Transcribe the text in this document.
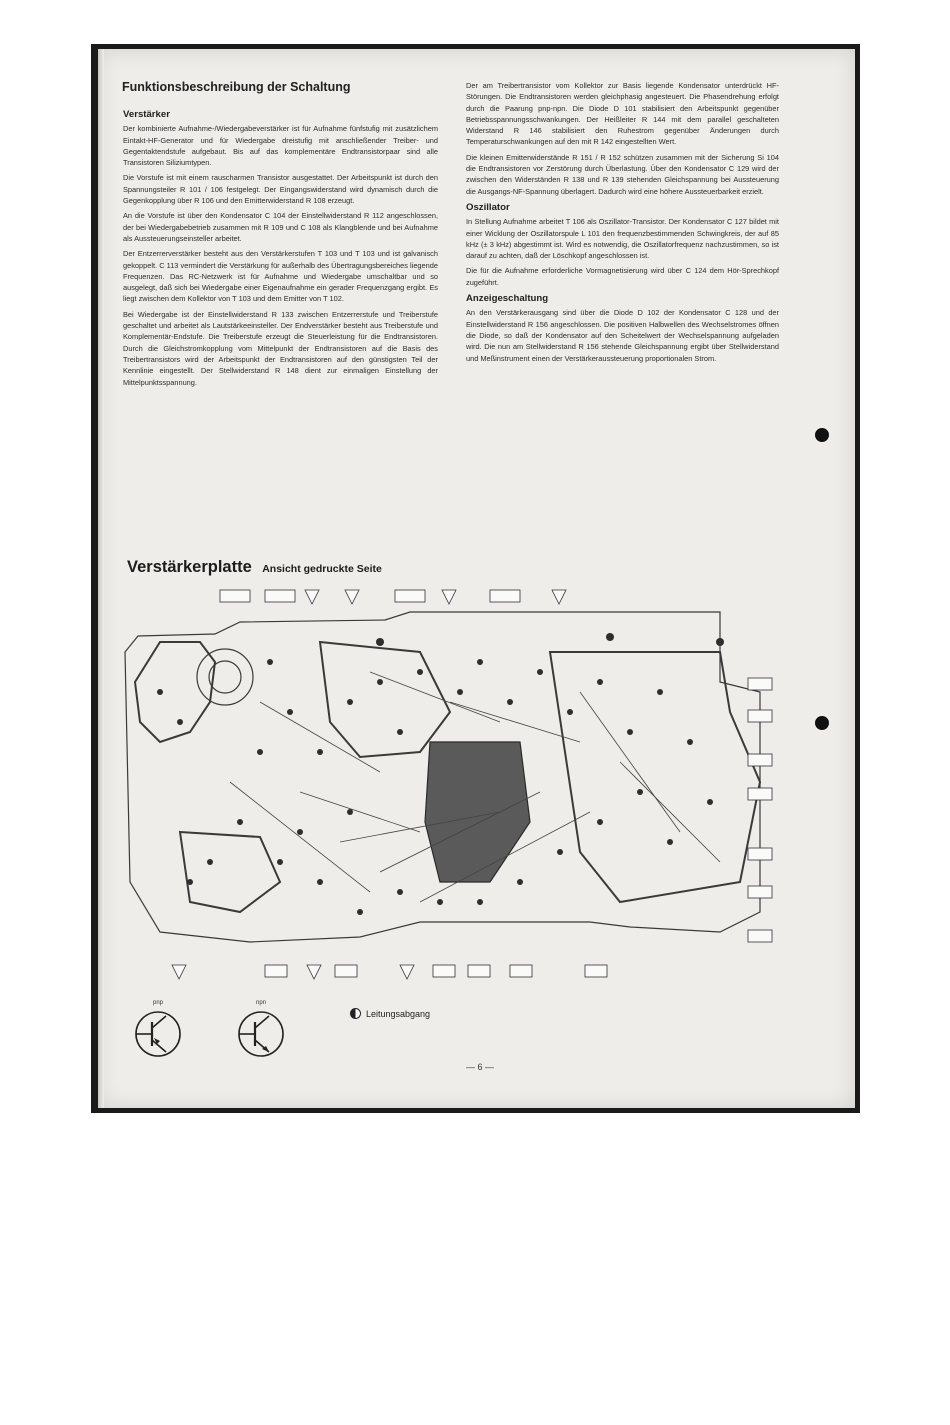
Funktionsbeschreibung der Schaltung
Verstärker

Der kombinierte Aufnahme-/Wiedergabeverstärker ist für Aufnahme fünfstufig mit zusätzlichem Eintakt-HF-Generator und für Wiedergabe dreistufig mit anschließender Treiber- und Gegentaktendstufe aufgebaut. Bis auf das komplementäre Endtransistorpaar sind alle Transistoren Siliziumtypen.

Die Vorstufe ist mit einem rauscharmen Transistor ausgestattet. Der Arbeitspunkt ist durch den Spannungsteiler R 101 / 106 festgelegt. Der Eingangswiderstand wird dynamisch durch die Gegenkopplung über R 106 und den Emitterwiderstand R 108 erzeugt.

An die Vorstufe ist über den Kondensator C 104 der Einstellwiderstand R 112 angeschlossen, der bei Wiedergabebetrieb zusammen mit R 109 und C 108 als Klangblende und bei Aufnahme als Aussteuerungseinsteller arbeitet.

Der Entzerrerverstärker besteht aus den Verstärkerstufen T 103 und T 103 und ist galvanisch gekoppelt. C 113 vermindert die Verstärkung für außerhalb des Übertragungsbereiches liegende Frequenzen. Das RC-Netzwerk ist für Aufnahme und Wiedergabe umschaltbar und so ausgelegt, daß sich bei Wiedergabe einer Eigenaufnahme ein gerader Frequenzgang ergibt. Es liegt zwischen dem Kollektor von T 103 und dem Emitter von T 102.

Bei Wiedergabe ist der Einstellwiderstand R 133 zwischen Entzerrerstufe und Treiberstufe geschaltet und arbeitet als Lautstärkeeinsteller. Der Endverstärker besteht aus Treiberstufe und Komplementär-Endstufe. Die Treiberstufe erzeugt die Steuerleistung für die Endtransistoren. Durch die Gleichstromkopplung vom Mittelpunkt der Endtransistoren auf die Basis des Treibertransistors wird der Arbeitspunkt der Endtransistoren auf den günstigsten Teil der Kennlinie eingestellt. Der Stellwiderstand R 148 dient zur einmaligen Einstellung der Mittelpunktsspannung.

Der am Treibertransistor vom Kollektor zur Basis liegende Kondensator unterdrückt HF-Störungen. Die Endtransistoren werden gleichphasig angesteuert. Die Phasendrehung erfolgt durch die Paarung pnp-npn. Die Diode D 101 stabilisiert den Arbeitspunkt gegenüber Betriebsspannungsschwankungen. Der Heißleiter R 144 mit dem parallel geschalteten Widerstand R 146 stabilisiert den Ruhestrom gegenüber Änderungen durch Temperaturschwankungen auf den mit R 142 eingestellten Wert.

Die kleinen Emitterwiderstände R 151 / R 152 schützen zusammen mit der Sicherung Si 104 die Endtransistoren vor Zerstörung durch Überlastung. Über den Kondensator C 129 wird der zwischen den Widerständen R 138 und R 139 stehenden Gleichspannung bei Aussteuerung die Ausgangs-NF-Spannung überlagert. Dadurch wird eine höhere Aussteuerbarkeit erzielt.

Oszillator

In Stellung Aufnahme arbeitet T 106 als Oszillator-Transistor. Der Kondensator C 127 bildet mit einer Wicklung der Oszillatorspule L 101 den frequenzbestimmenden Schwingkreis, der auf 85 kHz (± 3 kHz) abgestimmt ist. Wird es notwendig, die Oszillatorfrequenz nachzustimmen, so ist darauf zu achten, daß der Löschkopf angeschlossen ist.

Die für die Aufnahme erforderliche Vormagnetisierung wird über C 124 dem Hör-Sprechkopf zugeführt.

Anzeigeschaltung

An den Verstärkerausgang sind über die Diode D 102 der Kondensator C 128 und der Einstellwiderstand R 156 angeschlossen. Die positiven Halbwellen des Wechselstromes öffnen die Diode, so daß der Kondensator auf den Scheitelwert der Wechselspannung aufgeladen wird. Die nun am Stellwiderstand R 156 stehende Gleichspannung ergibt über Stellwiderstand und Meßinstrument einen der Verstärkeraussteuerung proportionalen Strom.

Verstärkerplatte Ansicht gedruckte Seite
Leitungsabgang
pnp	npn
— 6 —
